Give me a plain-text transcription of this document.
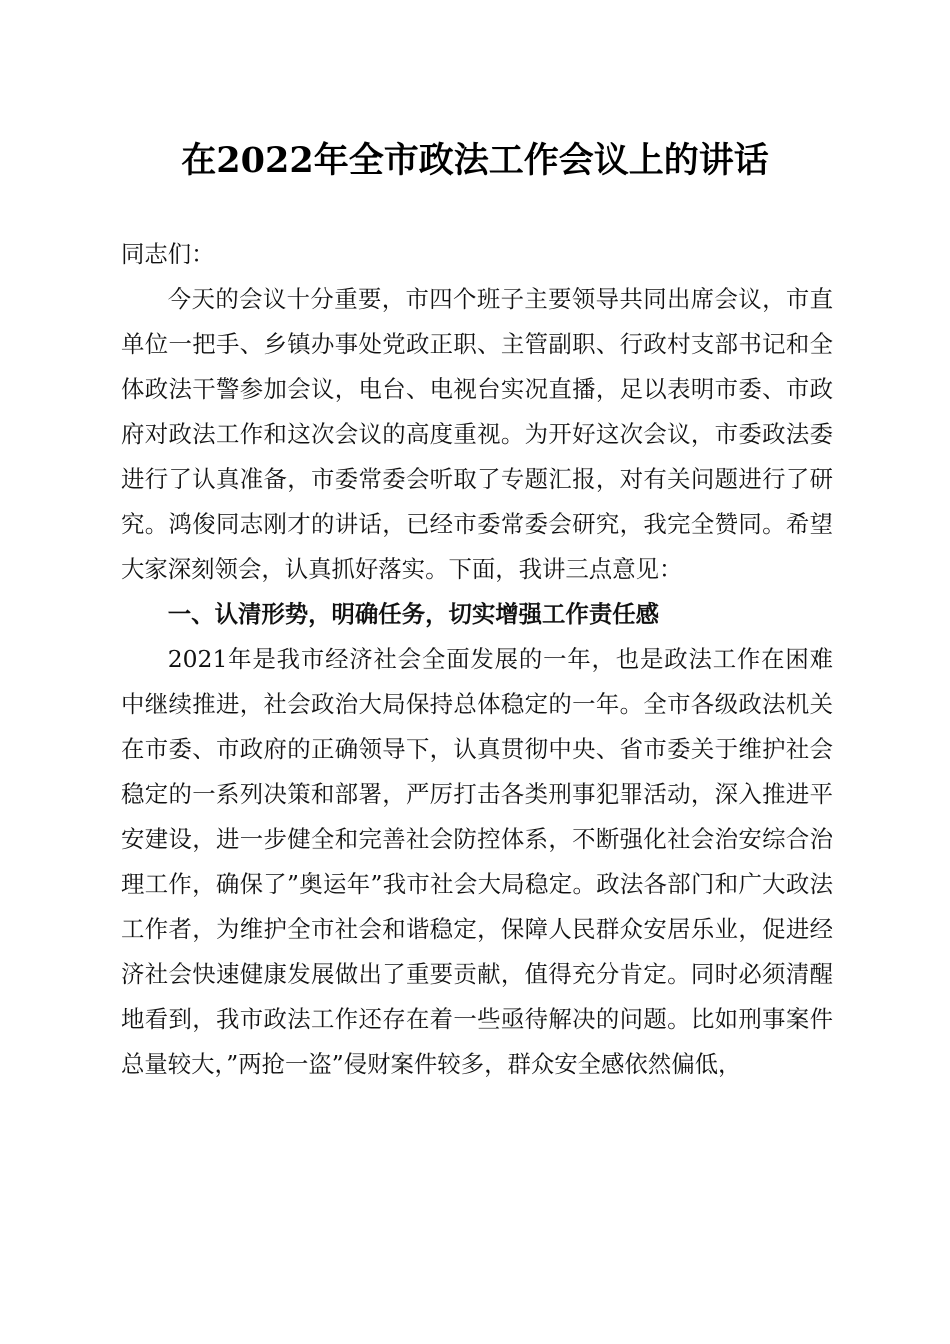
在2022年全市政法工作会议上的讲话

同志们：

今天的会议十分重要，市四个班子主要领导共同出席会议，市直单位一把手、乡镇办事处党政正职、主管副职、行政村支部书记和全体政法干警参加会议，电台、电视台实况直播，足以表明市委、市政府对政法工作和这次会议的高度重视。为开好这次会议，市委政法委进行了认真准备，市委常委会听取了专题汇报，对有关问题进行了研究。鸿俊同志刚才的讲话，已经市委常委会研究，我完全赞同。希望大家深刻领会，认真抓好落实。下面，我讲三点意见：

一、认清形势，明确任务，切实增强工作责任感

2021年是我市经济社会全面发展的一年，也是政法工作在困难中继续推进，社会政治大局保持总体稳定的一年。全市各级政法机关在市委、市政府的正确领导下，认真贯彻中央、省市委关于维护社会稳定的一系列决策和部署，严厉打击各类刑事犯罪活动，深入推进平安建设，进一步健全和完善社会防控体系，不断强化社会治安综合治理工作，确保了”奥运年”我市社会大局稳定。政法各部门和广大政法工作者，为维护全市社会和谐稳定，保障人民群众安居乐业，促进经济社会快速健康发展做出了重要贡献，值得充分肯定。同时必须清醒地看到，我市政法工作还存在着一些亟待解决的问题。比如刑事案件总量较大，”两抢一盗”侵财案件较多，群众安全感依然偏低，
